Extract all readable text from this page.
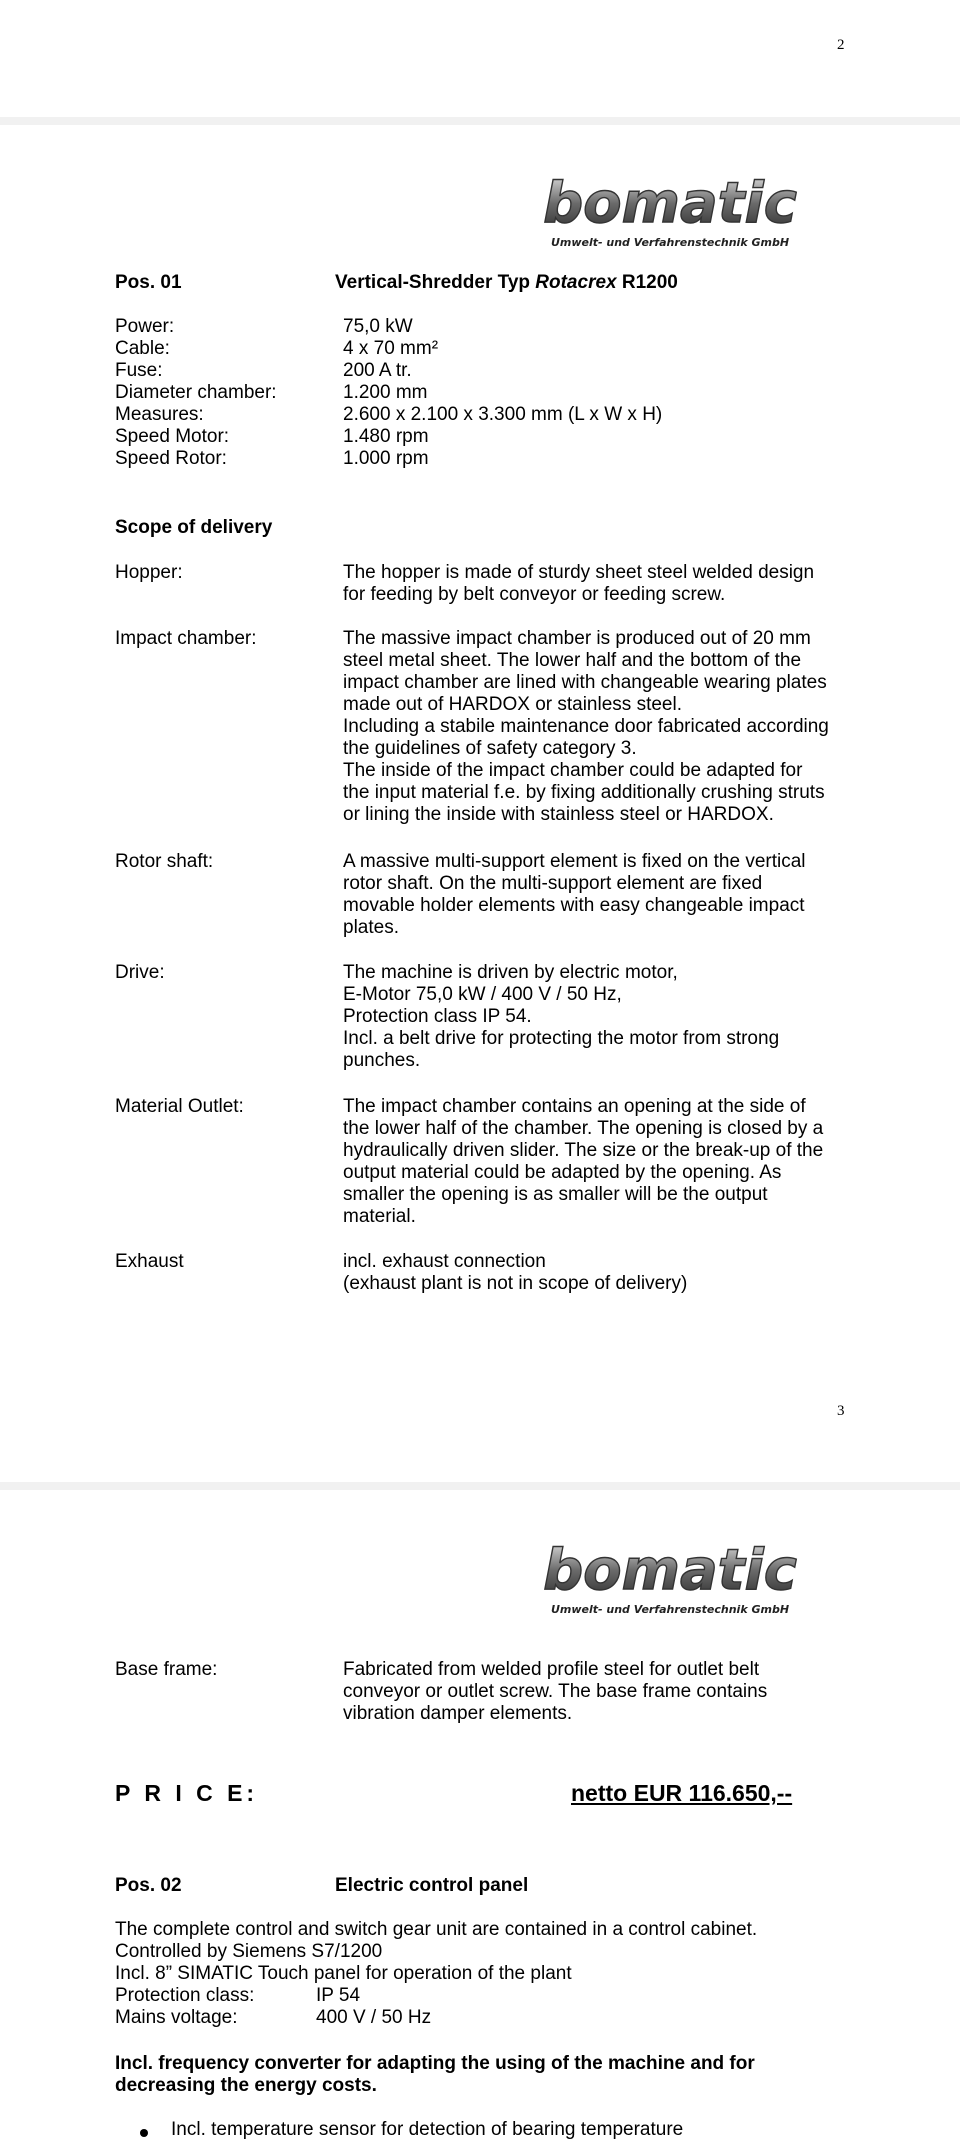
2
bomatic
Umwelt- und Verfahrenstechnik GmbH
Pos. 01	Vertical-Shredder Typ Rotacrex R1200
Power:	75,0 kW
Cable:	4 x 70 mm²
Fuse:	200 A tr.
Diameter chamber:	1.200 mm
Measures:	2.600 x 2.100 x 3.300 mm (L x W x H)
Speed Motor:	1.480 rpm
Speed Rotor:	1.000 rpm
Scope of delivery
Hopper:	The hopper is made of sturdy sheet steel welded design
for feeding by belt conveyor or feeding screw.
Impact chamber:	The massive impact chamber is produced out of 20 mm
steel metal sheet. The lower half and the bottom of the
impact chamber are lined with changeable wearing plates
made out of HARDOX or stainless steel.
Including a stabile maintenance door fabricated according
the guidelines of safety category 3.
The inside of the impact chamber could be adapted for
the input material f.e. by fixing additionally crushing struts
or lining the inside with stainless steel or HARDOX.
Rotor shaft:	A massive multi-support element is fixed on the vertical
rotor shaft. On the multi-support element are fixed
movable holder elements with easy changeable impact
plates.
Drive:	The machine is driven by electric motor,
E-Motor 75,0 kW / 400 V / 50 Hz,
Protection class IP 54.
Incl. a belt drive for protecting the motor from strong
punches.
Material Outlet:	The impact chamber contains an opening at the side of
the lower half of the chamber. The opening is closed by a
hydraulically driven slider. The size or the break-up of the
output material could be adapted by the opening. As
smaller the opening is as smaller will be the output
material.
Exhaust	incl. exhaust connection
(exhaust plant is not in scope of delivery)
3
bomatic
Umwelt- und Verfahrenstechnik GmbH
Base frame:	Fabricated from welded profile steel for outlet belt
conveyor or outlet screw. The base frame contains
vibration damper elements.
P R I C E:	netto EUR 116.650,--
Pos. 02	Electric control panel
The complete control and switch gear unit are contained in a control cabinet.
Controlled by Siemens S7/1200
Incl. 8” SIMATIC Touch panel for operation of the plant
Protection class:	IP 54
Mains voltage:	400 V / 50 Hz
Incl. frequency converter for adapting the using of the machine and for
decreasing the energy costs.
Incl. temperature sensor for detection of bearing temperature
